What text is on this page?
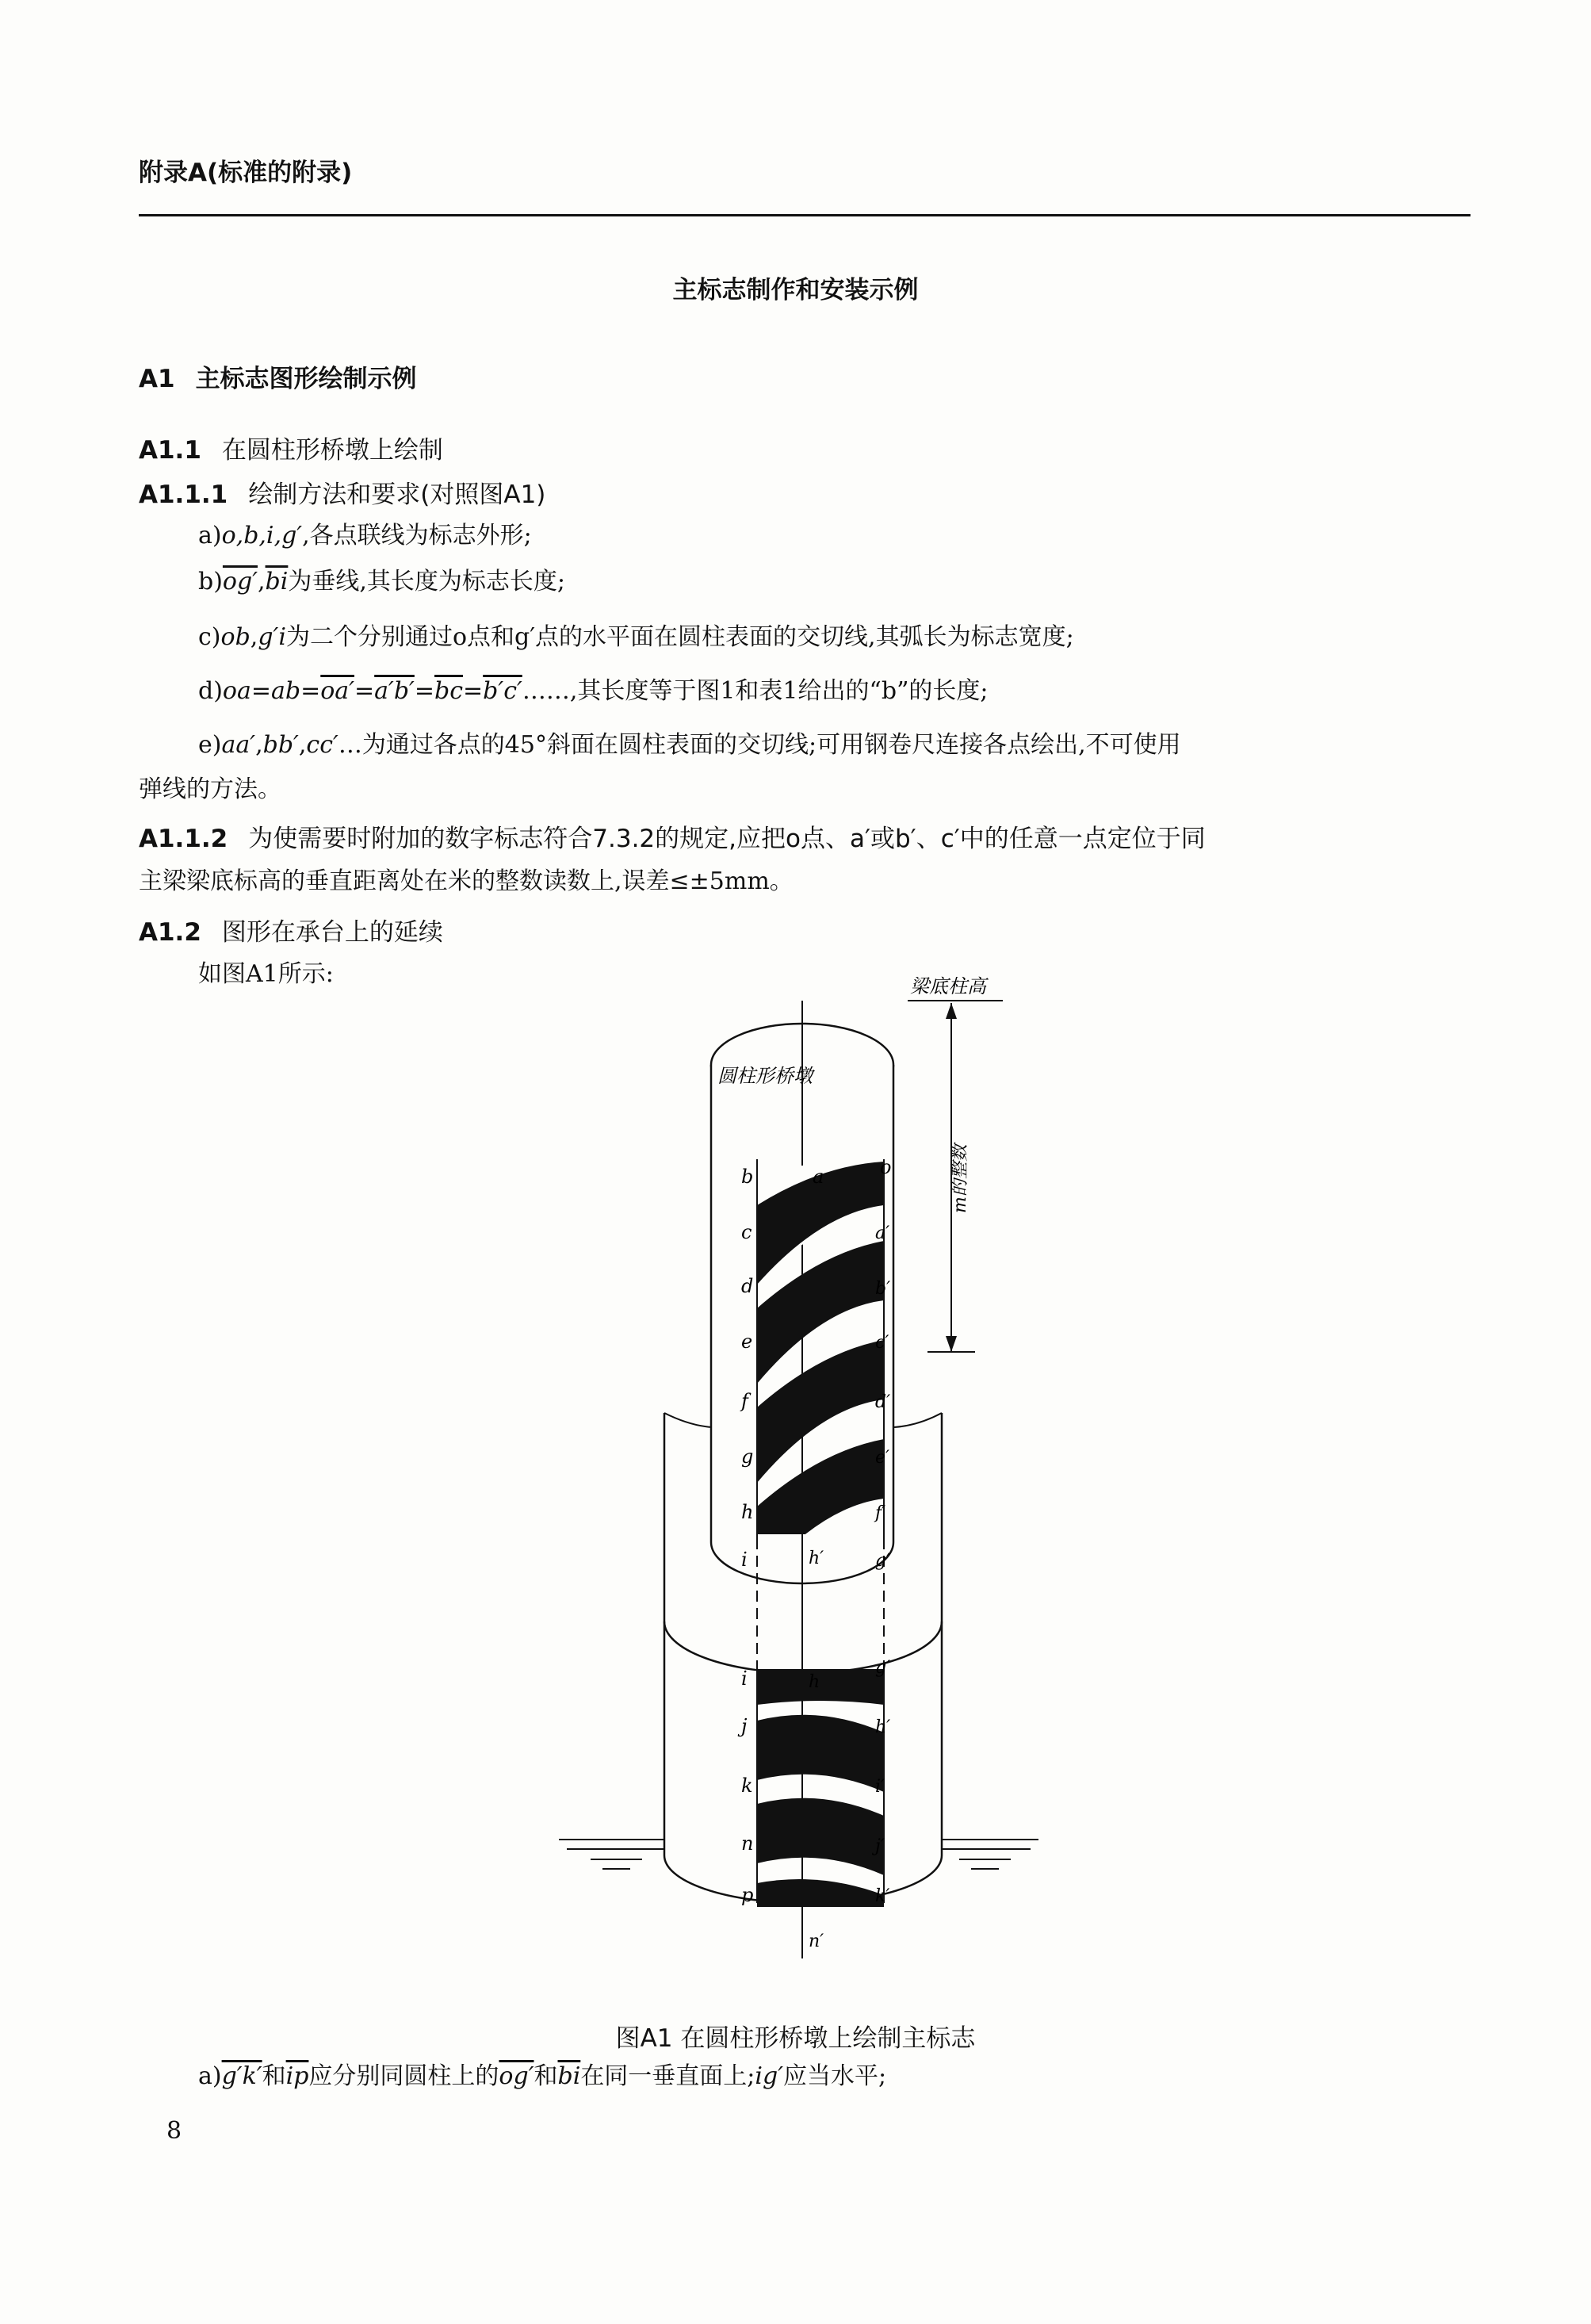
附录A(标准的附录)
主标志制作和安装示例
A1 主标志图形绘制示例
A1.1 在圆柱形桥墩上绘制
A1.1.1 绘制方法和要求(对照图A1)
a)o,b,i,g′,各点联线为标志外形;
$b)og',\overline{bi}$为垂线,其长度为标志长度;
c)ob,g′i为二个分别通过o点和g′点的水平面在圆柱表面的交切线,其弧长为标志宽度;
$d)oa=ab=oa'=a'b'=\overline{bc}=b'c'\dots\dots$,其长度等于图1和表1给出的“b”的长度;
e)aa′,bb′,cc′…为通过各点的45°斜面在圆柱表面的交切线;可用钢卷尺连接各点绘出,不可使用
弹线的方法。
A1.1.2 为使需要时附加的数字标志符合7.3.2的规定,应把o点、a′或b′、c′中的任意一点定位于同
主梁梁底标高的垂直距离处在米的整数读数上,误差≤±5mm。
A1.2 图形在承台上的延续
如图A1所示:	梁底柱高
圆柱形桥墩
m的整数
a
h′
h
n′
b
c
d
e
f
g
h
i
o
a′
b′
c′
d′
e′
f′
g′
i
j
k
n
p
g′
h′
i′
j′
k′
图A1 在圆柱形桥墩上绘制主标志
a)g′k′和$\overline{ip}$应分别同圆柱上的og′和$\overline{bi}$在同一垂直面上;ig′应当水平;
8
